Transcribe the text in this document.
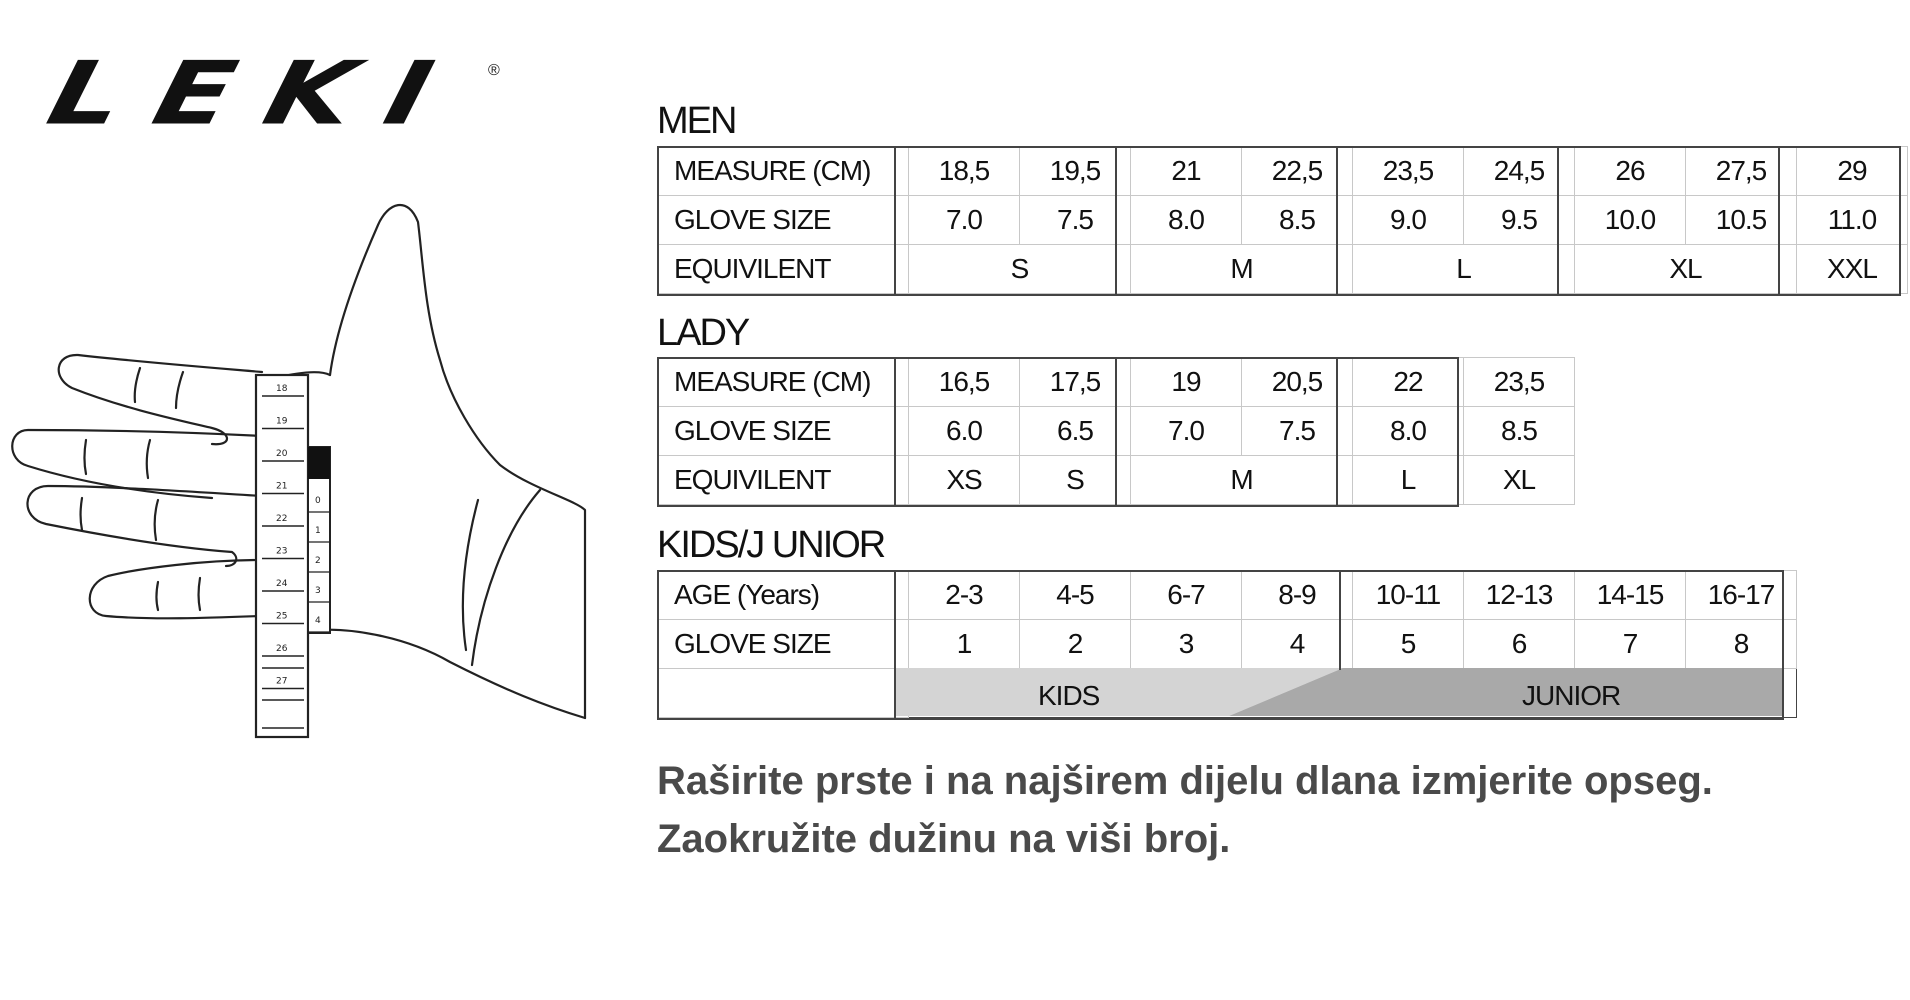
LEKI ®
18
19
20
21
22
23
24
25
26
27
0
1
2
3
4
MEN
MEASURE (CM)	18,5	19,5	21	22,5	23,5	24,5	26	27,5	29
GLOVE SIZE	7.0	7.5	8.0	8.5	9.0	9.5	10.0	10.5	11.0
EQUIVILENT	S		M		L		XL		XXL
LADY
MEASURE (CM)	16,5	17,5	19	20,5	22	23,5
GLOVE SIZE	6.0	6.5	7.0	7.5	8.0	8.5
EQUIVILENT	XS	S	M		L	XL
KIDS/J UNIOR
AGE (Years)	2-3	4-5	6-7	8-9	10-11	12-13	14-15	16-17
GLOVE SIZE	1	2	3	4	5	6	7	8

KIDS	JUNIOR
Raširite prste i na najširem dijelu dlana izmjerite opseg.
Zaokružite dužinu na viši broj.
